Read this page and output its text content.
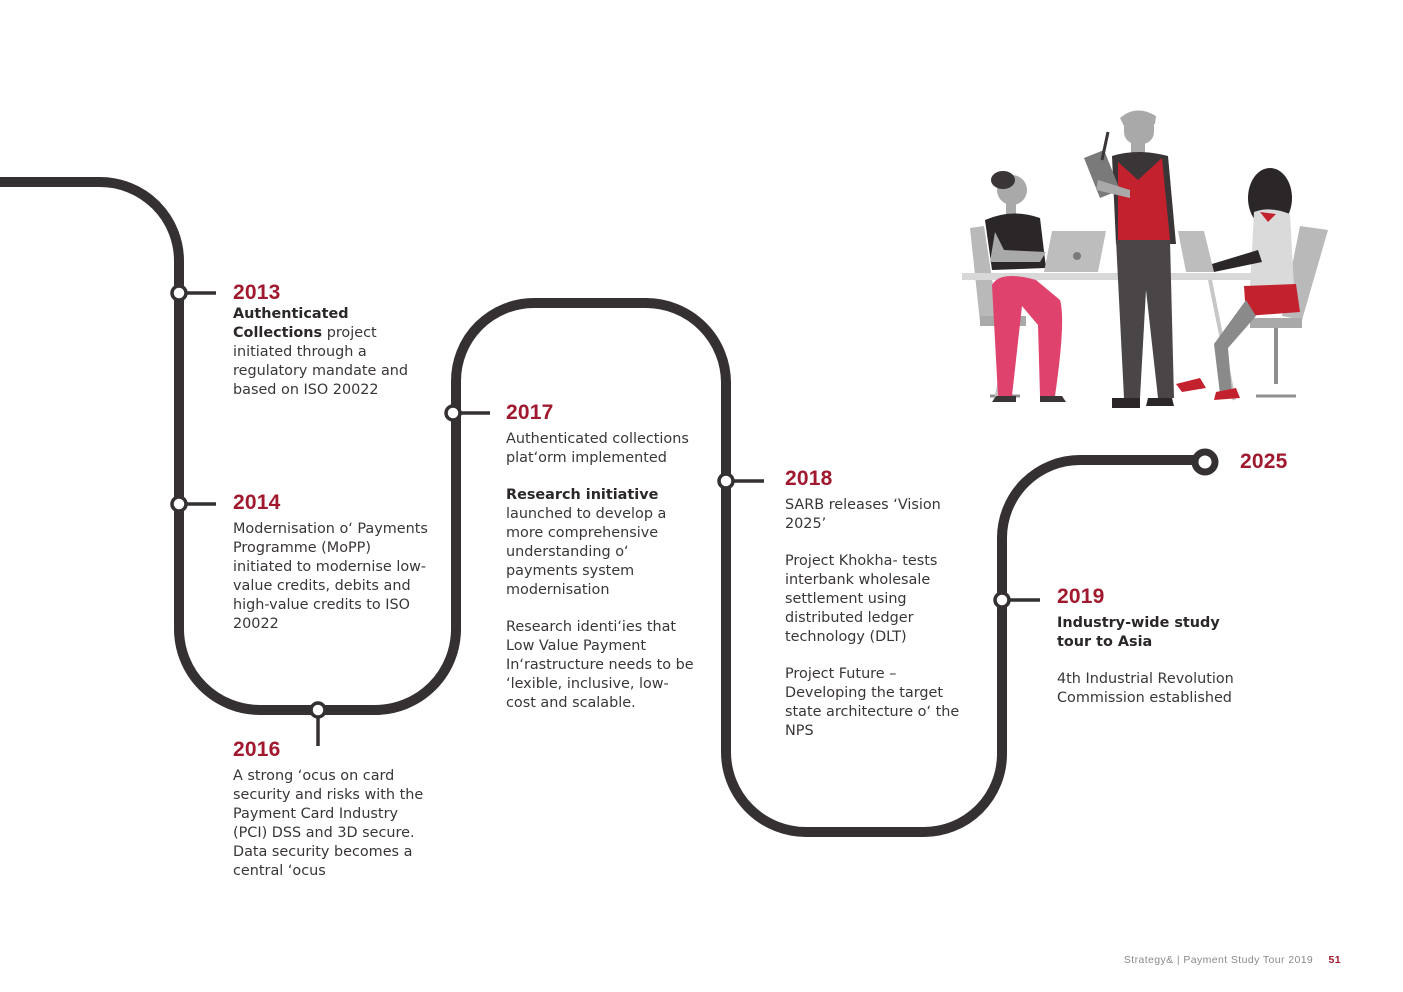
2013
Authenticated Collections project initiated through a regulatory mandate and based on ISO 20022
2014
Modernisation o‘ Payments Programme (MoPP) initiated to modernise low-value credits, debits and high-value credits to ISO 20022
2016
A strong ‘ocus on card security and risks with the Payment Card Industry (PCI) DSS and 3D secure. Data security becomes a central ‘ocus
2017

Authenticated collections plat‘orm implemented

Research initiative launched to develop a more comprehensive understanding o‘ payments system modernisation

Research identi‘ies that Low Value Payment In‘rastructure needs to be ‘lexible, inclusive, low-cost and scalable.

2018

SARB releases ‘Vision 2025’

Project Khokha- tests interbank wholesale settlement using distributed ledger technology (DLT)

Project Future – Developing the target state architecture o‘ the NPS

2019

Industry-wide study tour to Asia

4th Industrial Revolution Commission established

2025
Strategy& | Payment Study Tour 2019 51
